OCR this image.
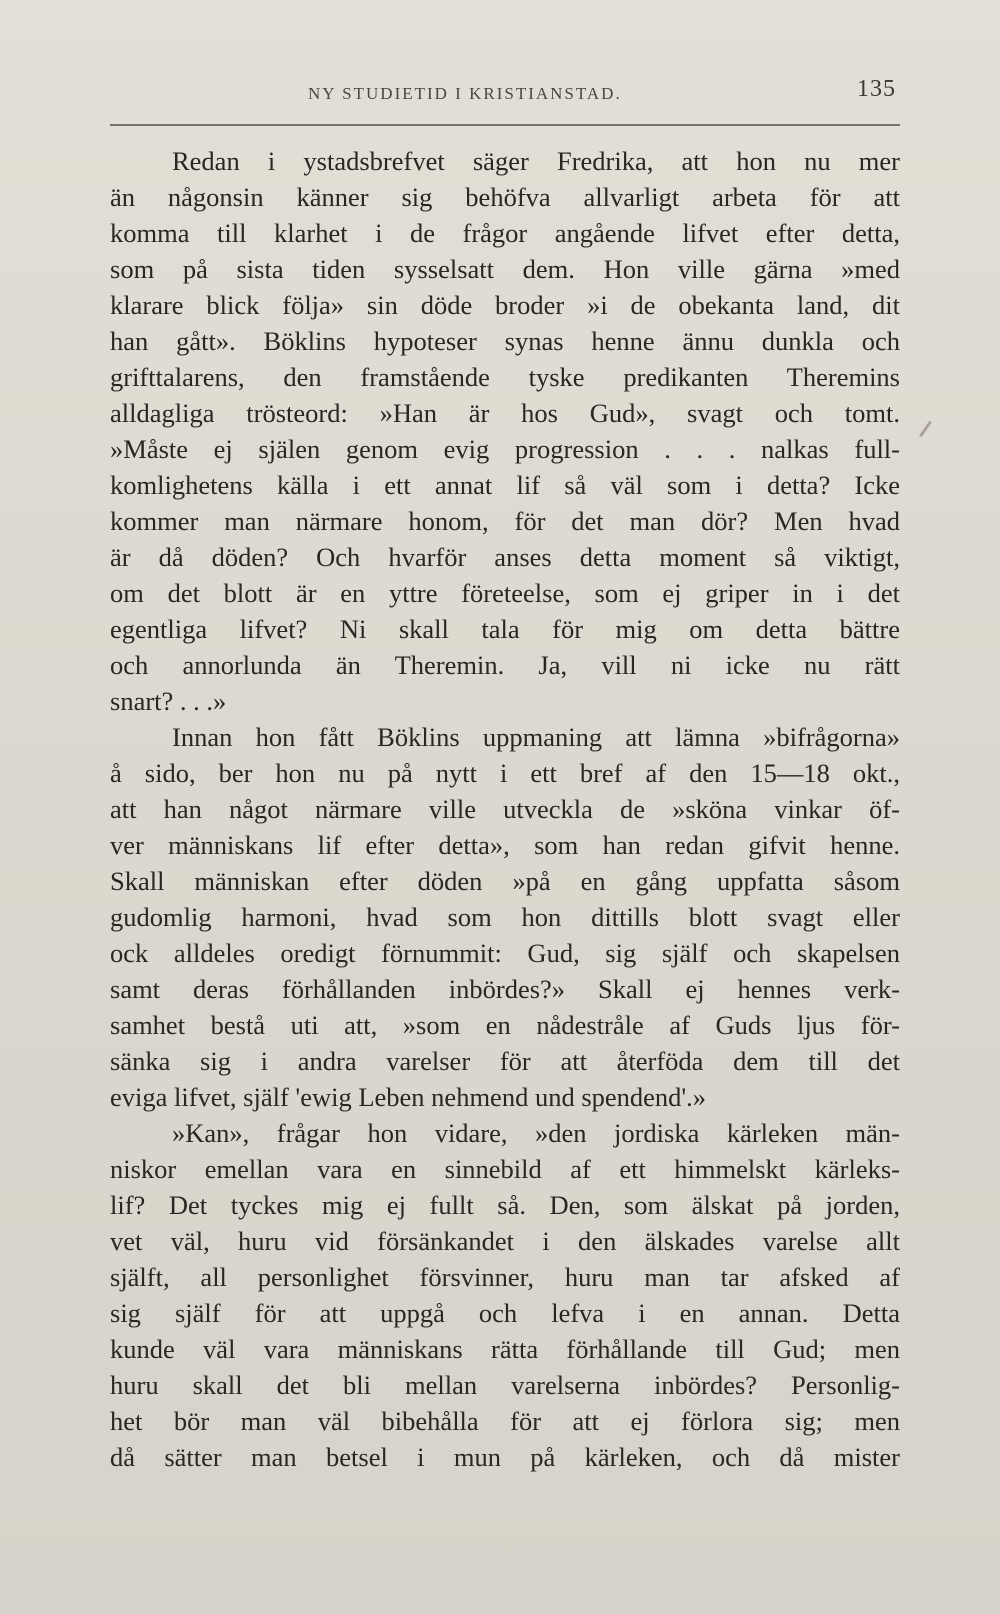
NY STUDIETID I KRISTIANSTAD.	135
Redan i ystadsbrefvet säger Fredrika, att hon nu mer
än någonsin känner sig behöfva allvarligt arbeta för att
komma till klarhet i de frågor angående lifvet efter detta,
som på sista tiden sysselsatt dem. Hon ville gärna »med
klarare blick följa» sin döde broder »i de obekanta land, dit
han gått». Böklins hypoteser synas henne ännu dunkla och
grifttalarens, den framstående tyske predikanten Theremins
alldagliga trösteord: »Han är hos Gud», svagt och tomt.
»Måste ej själen genom evig progression . . . nalkas full-
komlighetens källa i ett annat lif så väl som i detta? Icke
kommer man närmare honom, för det man dör? Men hvad
är då döden? Och hvarför anses detta moment så viktigt,
om det blott är en yttre företeelse, som ej griper in i det
egentliga lifvet? Ni skall tala för mig om detta bättre
och annorlunda än Theremin. Ja, vill ni icke nu rätt
snart? . . .»
Innan hon fått Böklins uppmaning att lämna »bifrågorna»
å sido, ber hon nu på nytt i ett bref af den 15—18 okt.,
att han något närmare ville utveckla de »sköna vinkar öf-
ver människans lif efter detta», som han redan gifvit henne.
Skall människan efter döden »på en gång uppfatta såsom
gudomlig harmoni, hvad som hon dittills blott svagt eller
ock alldeles oredigt förnummit: Gud, sig själf och skapelsen
samt deras förhållanden inbördes?» Skall ej hennes verk-
samhet bestå uti att, »som en nådestråle af Guds ljus för-
sänka sig i andra varelser för att återföda dem till det
eviga lifvet, själf 'ewig Leben nehmend und spendend'.»
»Kan», frågar hon vidare, »den jordiska kärleken män-
niskor emellan vara en sinnebild af ett himmelskt kärleks-
lif? Det tyckes mig ej fullt så. Den, som älskat på jorden,
vet väl, huru vid försänkandet i den älskades varelse allt
själft, all personlighet försvinner, huru man tar afsked af
sig själf för att uppgå och lefva i en annan. Detta
kunde väl vara människans rätta förhållande till Gud; men
huru skall det bli mellan varelserna inbördes? Personlig-
het bör man väl bibehålla för att ej förlora sig; men
då sätter man betsel i mun på kärleken, och då mister
